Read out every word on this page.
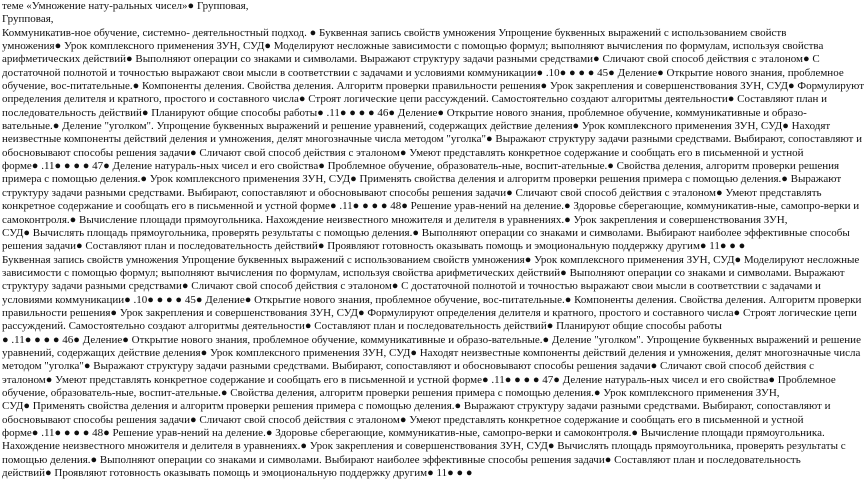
теме «Умножение нату-ральных чисел»● Групповая,
Групповая,
Коммуникатив-ное обучение, системно- деятельностный подход. ● Буквенная запись свойств умножения Упрощение буквенных выражений с использованием свойств
умножения● Урок комплексного применения ЗУН, СУД● Моделируют несложные зависимости с помощью формул; выполняют вычисления по формулам, используя свойства
арифметических действий● Выполняют операции со знаками и символами. Выражают структуру задачи разными средствами● Сличают свой способ действия с эталоном● С
достаточной полнотой и точностью выражают свои мысли в соответствии с задачами и условиями коммуникации● .10● ● ● ● 45● Деление● Открытие нового знания, проблемное
обучение, вос-питательные.● Компоненты деления. Свойства деления. Алгоритм проверки правильности решения● Урок закрепления и совершенствования ЗУН, СУД● Формулируют
определения делителя и кратного, простого и составного числа● Строят логические цепи рассуждений. Самостоятельно создают алгоритмы деятельности● Составляют план и
последовательность действий● Планируют общие способы работы● .11● ● ● ● 46● Деление● Открытие нового знания, проблемное обучение, коммуникативные и образо-
вательные.● Деление "уголком". Упрощение буквенных выражений и решение уравнений, содержащих действие деления● Урок комплексного применения ЗУН, СУД● Находят
неизвестные компоненты действий деления и умножения, делят многозначные числа методом "уголка"● Выражают структуру задачи разными средствами. Выбирают, сопоставляют и
обосновывают способы решения задачи● Сличают свой способ действия с эталоном● Умеют представлять конкретное содержание и сообщать его в письменной и устной
форме● .11● ● ● ● 47● Деление натураль-ных чисел и его свойства● Проблемное обучение, образователь-ные, воспит-ательные.● Свойства деления, алгоритм проверки решения
примера с помощью деления.● Урок комплексного применения ЗУН, СУД● Применять свойства деления и алгоритм проверки решения примера с помощью деления.● Выражают
структуру задачи разными средствами. Выбирают, сопоставляют и обосновывают способы решения задачи● Сличают свой способ действия с эталоном● Умеют представлять
конкретное содержание и сообщать его в письменной и устной форме● .11● ● ● ● 48● Решение урав-нений на деление.● Здоровье сберегающие, коммуникатив-ные, самопро-верки и
самоконтроля.● Вычисление площади прямоугольника. Нахождение неизвестного множителя и делителя в уравнениях.● Урок закрепления и совершенствования ЗУН,
СУД● Вычислять площадь прямоугольника, проверять результаты с помощью деления.● Выполняют операции со знаками и символами. Выбирают наиболее эффективные способы
решения задачи● Составляют план и последовательность действий● Проявляют готовность оказывать помощь и эмоциональную поддержку другим● 11● ● ●
Буквенная запись свойств умножения Упрощение буквенных выражений с использованием свойств умножения● Урок комплексного применения ЗУН, СУД● Моделируют несложные
зависимости с помощью формул; выполняют вычисления по формулам, используя свойства арифметических действий● Выполняют операции со знаками и символами. Выражают
структуру задачи разными средствами● Сличают свой способ действия с эталоном● С достаточной полнотой и точностью выражают свои мысли в соответствии с задачами и
условиями коммуникации● .10● ● ● ● 45● Деление● Открытие нового знания, проблемное обучение, вос-питательные.● Компоненты деления. Свойства деления. Алгоритм проверки
правильности решения● Урок закрепления и совершенствования ЗУН, СУД● Формулируют определения делителя и кратного, простого и составного числа● Строят логические цепи
рассуждений. Самостоятельно создают алгоритмы деятельности● Составляют план и последовательность действий● Планируют общие способы работы
● .11● ● ● ● 46● Деление● Открытие нового знания, проблемное обучение, коммуникативные и образо-вательные.● Деление "уголком". Упрощение буквенных выражений и решение
уравнений, содержащих действие деления● Урок комплексного применения ЗУН, СУД● Находят неизвестные компоненты действий деления и умножения, делят многозначные числа
методом "уголка"● Выражают структуру задачи разными средствами. Выбирают, сопоставляют и обосновывают способы решения задачи● Сличают свой способ действия с
эталоном● Умеют представлять конкретное содержание и сообщать его в письменной и устной форме● .11● ● ● ● 47● Деление натураль-ных чисел и его свойства● Проблемное
обучение, образователь-ные, воспит-ательные.● Свойства деления, алгоритм проверки решения примера с помощью деления.● Урок комплексного применения ЗУН,
СУД● Применять свойства деления и алгоритм проверки решения примера с помощью деления.● Выражают структуру задачи разными средствами. Выбирают, сопоставляют и
обосновывают способы решения задачи● Сличают свой способ действия с эталоном● Умеют представлять конкретное содержание и сообщать его в письменной и устной
форме● .11● ● ● ● 48● Решение урав-нений на деление.● Здоровье сберегающие, коммуникатив-ные, самопро-верки и самоконтроля.● Вычисление площади прямоугольника.
Нахождение неизвестного множителя и делителя в уравнениях.● Урок закрепления и совершенствования ЗУН, СУД● Вычислять площадь прямоугольника, проверять результаты с
помощью деления.● Выполняют операции со знаками и символами. Выбирают наиболее эффективные способы решения задачи● Составляют план и последовательность
действий● Проявляют готовность оказывать помощь и эмоциональную поддержку другим● 11● ● ●
